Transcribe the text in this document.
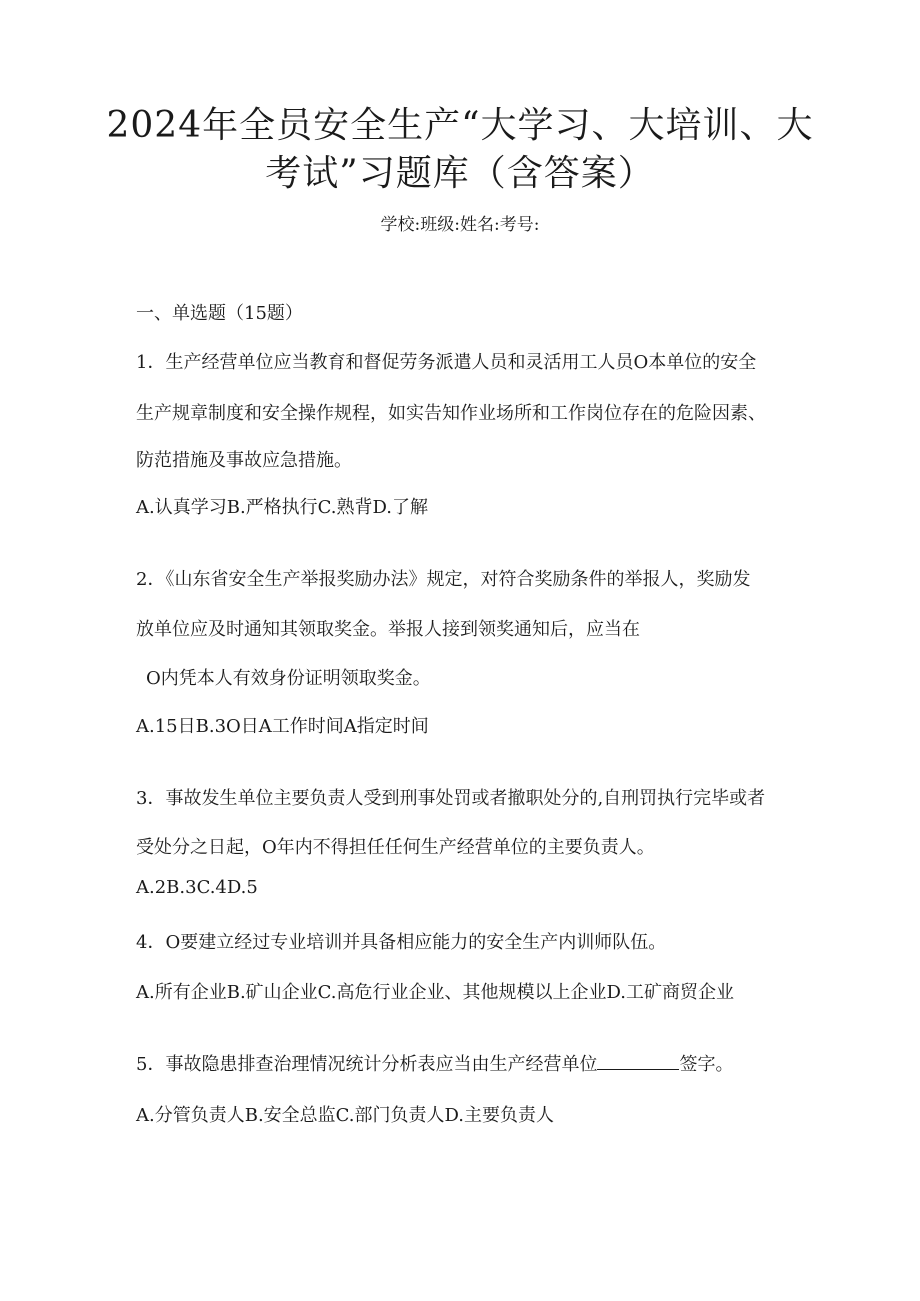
2024年全员安全生产“大学习、大培训、大
考试”习题库（含答案）
学校:班级:姓名:考号:
一、单选题（15题）
1．生产经营单位应当教育和督促劳务派遣人员和灵活用工人员O本单位的安全
生产规章制度和安全操作规程，如实告知作业场所和工作岗位存在的危险因素、
防范措施及事故应急措施。
A.认真学习B.严格执行C.熟背D.了解
2．《山东省安全生产举报奖励办法》规定，对符合奖励条件的举报人，奖励发
放单位应及时通知其领取奖金。举报人接到领奖通知后，应当在
O内凭本人有效身份证明领取奖金。
A.15日B.3O日A工作时间A指定时间
3．事故发生单位主要负责人受到刑事处罚或者撤职处分的,自刑罚执行完毕或者
受处分之日起，O年内不得担任任何生产经营单位的主要负责人。
A.2B.3C.4D.5
4．O要建立经过专业培训并具备相应能力的安全生产内训师队伍。
A.所有企业B.矿山企业C.高危行业企业、其他规模以上企业D.工矿商贸企业
5．事故隐患排查治理情况统计分析表应当由生产经营单位	签字。
A.分管负责人B.安全总监C.部门负责人D.主要负责人
